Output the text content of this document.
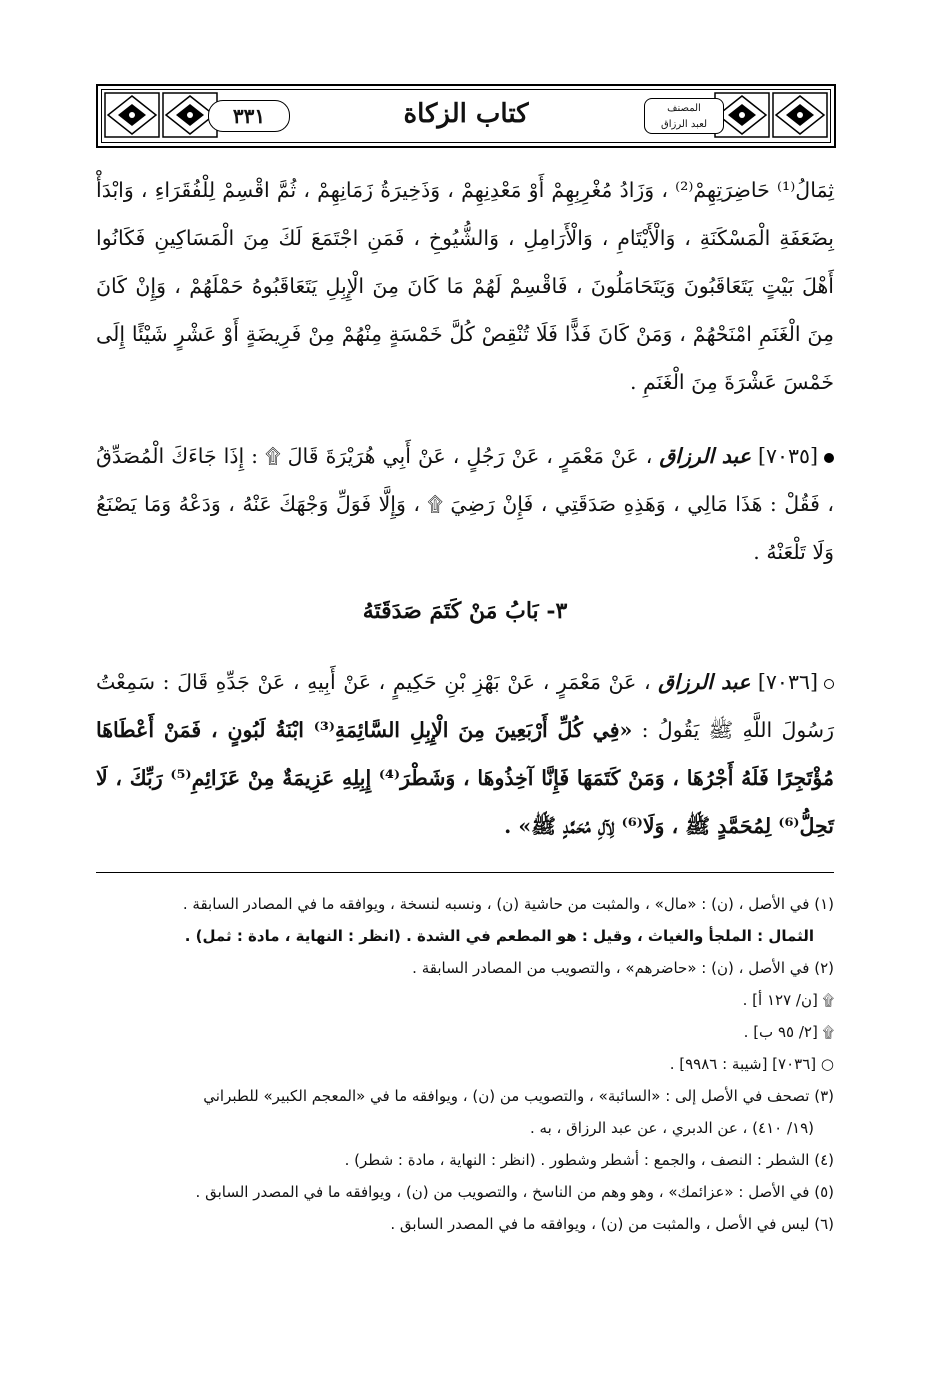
٣٣١	كتاب الزكاة	المصنف
لعبد الرزاق
ثِمَالُ⁽¹⁾ حَاضِرَتِهِمْ⁽²⁾ ، وَزَادُ مُغْرِبِهِمْ أَوْ مَعْدِنِهِمْ ، وَذَخِيرَةُ زَمَانِهِمْ ، ثُمَّ اقْسِمْ لِلْفُقَرَاءِ ، وَابْدَأْ بِضَعَفَةِ الْمَسْكَنَةِ ، وَالْأَيْتَامِ ، وَالْأَرَامِلِ ، وَالشُّيُوخِ ، فَمَنِ اجْتَمَعَ لَكَ مِنَ الْمَسَاكِينِ فَكَانُوا أَهْلَ بَيْتٍ يَتَعَاقَبُونَ وَيَتَحَامَلُونَ ، فَاقْسِمْ لَهُمْ مَا كَانَ مِنَ الْإِبِلِ يَتَعَاقَبُوهُ حَمْلَهُمْ ، وَإِنْ كَانَ مِنَ الْغَنَمِ امْنَحْهُمْ ، وَمَنْ كَانَ فَذًّا فَلَا تُنْقِصْ كُلَّ خَمْسَةٍ مِنْهُمْ مِنْ فَرِيضَةٍ أَوْ عَشْرٍ شَيْئًا إِلَى خَمْسَ عَشْرَةَ مِنَ الْغَنَمِ .
[٧٠٣٥] عبد الرزاق ، عَنْ مَعْمَرٍ ، عَنْ رَجُلٍ ، عَنْ أَبِي هُرَيْرَةَ قَالَ ۩ : إِذَا جَاءَكَ الْمُصَدِّقُ ، فَقُلْ : هَذَا مَالِي ، وَهَذِهِ صَدَقَتِي ، فَإِنْ رَضِيَ ۩ ، وَإِلَّا فَوَلِّ وَجْهَكَ عَنْهُ ، وَدَعْهُ وَمَا يَصْنَعُ وَلَا تَلْعَنْهُ .
٣- بَابُ مَنْ كَتَمَ صَدَقَتَهُ
[٧٠٣٦] عبد الرزاق ، عَنْ مَعْمَرٍ ، عَنْ بَهْزِ بْنِ حَكِيمٍ ، عَنْ أَبِيهِ ، عَنْ جَدِّهِ قَالَ : سَمِعْتُ رَسُولَ اللَّهِ ﷺ يَقُولُ : «فِي كُلِّ أَرْبَعِينَ مِنَ الْإِبِلِ السَّائِمَةِ⁽³⁾ ابْنَةُ لَبُونٍ ، فَمَنْ أَعْطَاهَا مُؤْتَجِرًا فَلَهُ أَجْرُهَا ، وَمَنْ كَتَمَهَا فَإِنَّا آخِذُوهَا ، وَشَطْرَ⁽⁴⁾ إِبِلِهِ عَزِيمَةٌ مِنْ عَزَائِمِ⁽⁵⁾ رَبِّكَ ، لَا تَحِلُّ⁽⁶⁾ لِمُحَمَّدٍ ﷺ ، وَلَا⁽⁶⁾ لِآلِ مُحَمَّدٍ ﷺ» .

(١) في الأصل ، (ن) : «مال» ، والمثبت من حاشية (ن) ، ونسبه لنسخة ، ويوافقه ما في المصادر السابقة .

الثمال : الملجأ والغياث ، وقيل : هو المطعم في الشدة . (انظر : النهاية ، مادة : ثمل) .

(٢) في الأصل ، (ن) : «حاضرهم» ، والتصويب من المصادر السابقة .

۩ [ن/ ١٢٧ أ] .

۩ [٢/ ٩٥ ب] .

○ [٧٠٣٦] [شيبة : ٩٩٨٦] .

(٣) تصحف في الأصل إلى : «السائبة» ، والتصويب من (ن) ، ويوافقه ما في «المعجم الكبير» للطبراني

(١٩/ ٤١٠) ، عن الدبري ، عن عبد الرزاق ، به .

(٤) الشطر : النصف ، والجمع : أشطر وشطور . (انظر : النهاية ، مادة : شطر) .

(٥) في الأصل : «عزائمك» ، وهو وهم من الناسخ ، والتصويب من (ن) ، ويوافقه ما في المصدر السابق .

(٦) ليس في الأصل ، والمثبت من (ن) ، ويوافقه ما في المصدر السابق .
